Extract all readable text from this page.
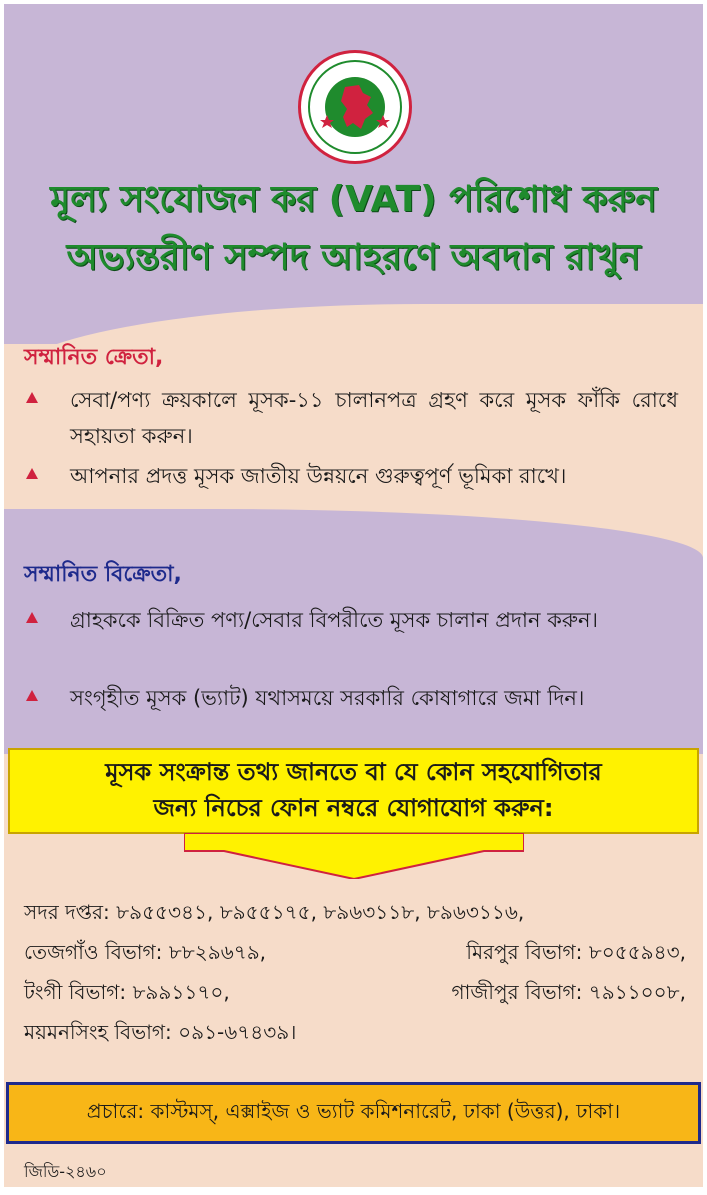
মূল্য সংযোজন কর (VAT) পরিশোধ করুন
অভ্যন্তরীণ সম্পদ আহরণে অবদান রাখুন
সম্মানিত ক্রেতা,
সেবা/পণ্য ক্রয়কালে মূসক-১১ চালানপত্র গ্রহণ করে মূসক ফাঁকি রোধে সহায়তা করুন।
আপনার প্রদত্ত মূসক জাতীয় উন্নয়নে গুরুত্বপূর্ণ ভূমিকা রাখে।
সম্মানিত বিক্রেতা,
গ্রাহককে বিক্রিত পণ্য/সেবার বিপরীতে মূসক চালান প্রদান করুন।
সংগৃহীত মূসক (ভ্যাট) যথাসময়ে সরকারি কোষাগারে জমা দিন।
মূসক সংক্রান্ত তথ্য জানতে বা যে কোন সহযোগিতার
জন্য নিচের ফোন নম্বরে যোগাযোগ করুন:
সদর দপ্তর: ৮৯৫৫৩৪১, ৮৯৫৫১৭৫, ৮৯৬৩১১৮, ৮৯৬৩১১৬,
তেজগাঁও বিভাগ: ৮৮২৯৬৭৯,	মিরপুর বিভাগ: ৮০৫৫৯৪৩,
টংগী বিভাগ: ৮৯৯১১৭০,	গাজীপুর বিভাগ: ৭৯১১০০৮,
ময়মনসিংহ বিভাগ: ০৯১-৬৭৪৩৯।
প্রচারে: কাস্টমস্, এক্সাইজ ও ভ্যাট কমিশনারেট, ঢাকা (উত্তর), ঢাকা।
জিডি-২৪৬০
